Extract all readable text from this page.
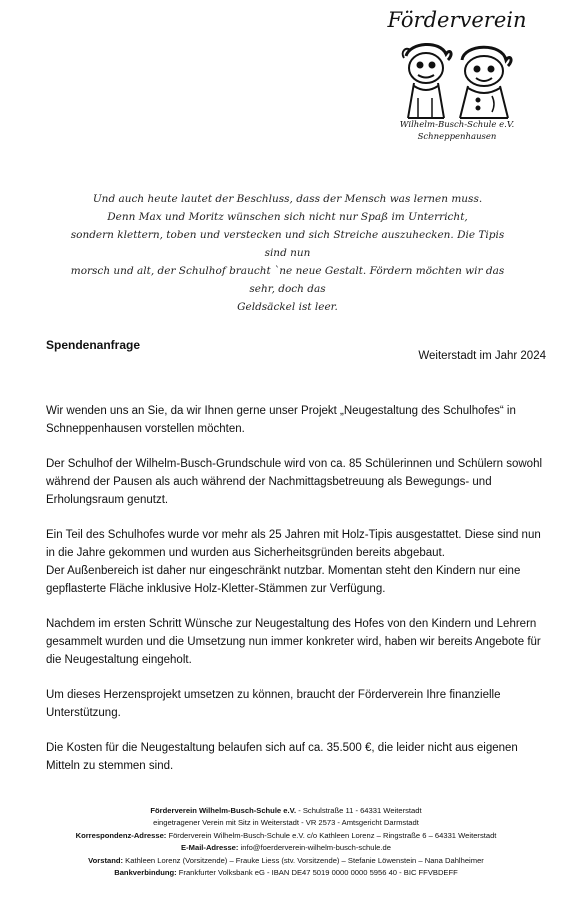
Förderverein
Wilhelm-Busch-Schule e.V.
Schneppenhausen
Und auch heute lautet der Beschluss, dass der Mensch was lernen muss.
Denn Max und Moritz wünschen sich nicht nur Spaß im Unterricht,
sondern klettern, toben und verstecken und sich Streiche auszuhecken. Die Tipis sind nun
morsch und alt, der Schulhof braucht `ne neue Gestalt. Fördern möchten wir das sehr, doch das
Geldsäckel ist leer.
Spendenanfrage
Weiterstadt im Jahr 2024

Wir wenden uns an Sie, da wir Ihnen gerne unser Projekt „Neugestaltung des Schulhofes“ in Schneppenhausen vorstellen möchten.

Der Schulhof der Wilhelm-Busch-Grundschule wird von ca. 85 Schülerinnen und Schülern sowohl während der Pausen als auch während der Nachmittagsbetreuung als Bewegungs- und Erholungsraum genutzt.

Ein Teil des Schulhofes wurde vor mehr als 25 Jahren mit Holz-Tipis ausgestattet. Diese sind nun in die Jahre gekommen und wurden aus Sicherheitsgründen bereits abgebaut.
Der Außenbereich ist daher nur eingeschränkt nutzbar. Momentan steht den Kindern nur eine gepflasterte Fläche inklusive Holz-Kletter-Stämmen zur Verfügung.

Nachdem im ersten Schritt Wünsche zur Neugestaltung des Hofes von den Kindern und Lehrern gesammelt wurden und die Umsetzung nun immer konkreter wird, haben wir bereits Angebote für die Neugestaltung eingeholt.

Um dieses Herzensprojekt umsetzen zu können, braucht der Förderverein Ihre finanzielle Unterstützung.

Die Kosten für die Neugestaltung belaufen sich auf ca. 35.500 €, die leider nicht aus eigenen Mitteln zu stemmen sind.

Förderverein Wilhelm-Busch-Schule e.V. - Schulstraße 11 - 64331 Weiterstadt
eingetragener Verein mit Sitz in Weiterstadt - VR 2573 - Amtsgericht Darmstadt
Korrespondenz-Adresse: Förderverein Wilhelm-Busch-Schule e.V. c/o Kathleen Lorenz – Ringstraße 6 – 64331 Weiterstadt
E-Mail-Adresse: info@foerderverein-wilhelm-busch-schule.de
Vorstand: Kathleen Lorenz (Vorsitzende) – Frauke Liess (stv. Vorsitzende) – Stefanie Löwenstein – Nana Dahlheimer
Bankverbindung: Frankfurter Volksbank eG - IBAN DE47 5019 0000 0000 5956 40 - BIC FFVBDEFF
